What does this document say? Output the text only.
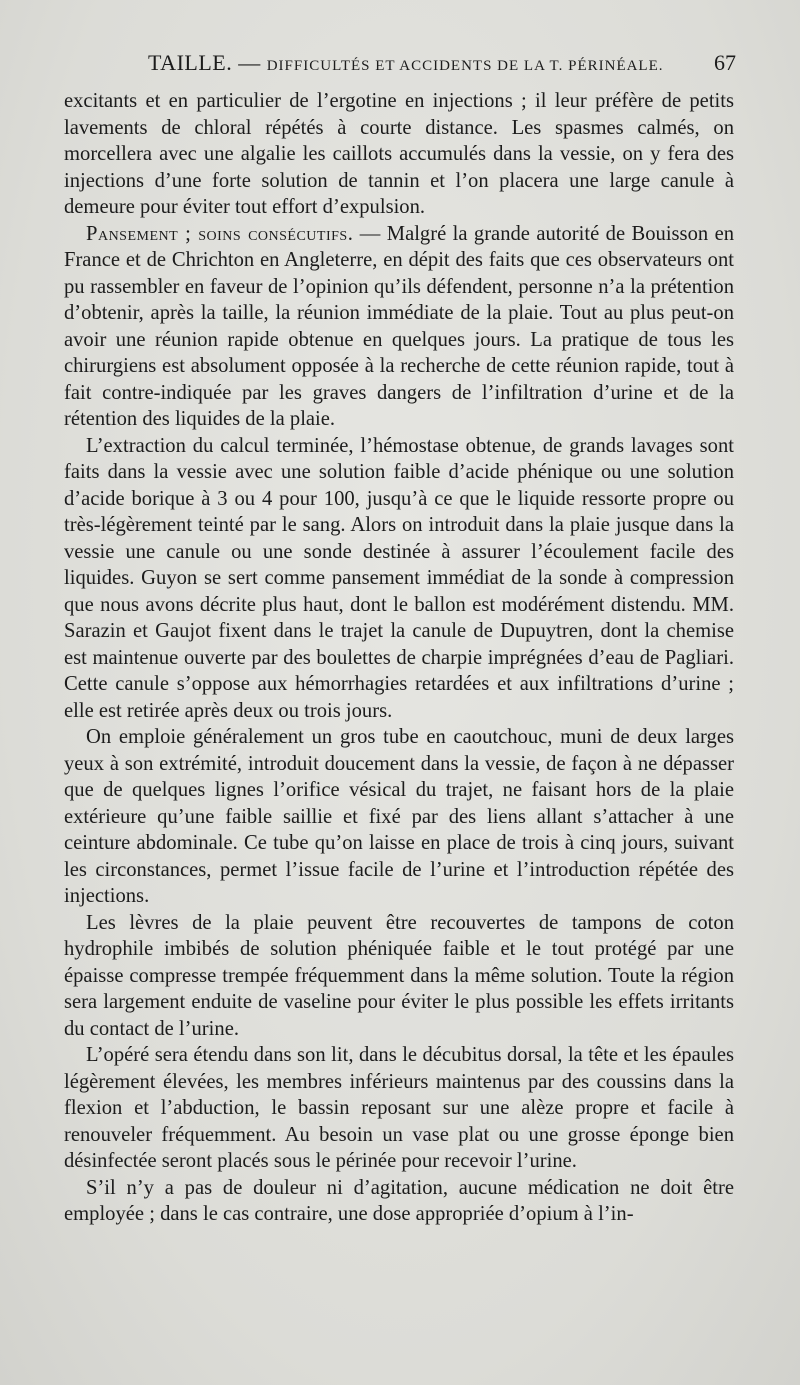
TAILLE. — DIFFICULTÉS ET ACCIDENTS DE LA T. PÉRINÉALE. 67

excitants et en particulier de l’ergotine en injections ; il leur préfère de petits lavements de chloral répétés à courte distance. Les spasmes calmés, on morcellera avec une algalie les caillots accumulés dans la vessie, on y fera des injections d’une forte solution de tannin et l’on placera une large canule à demeure pour éviter tout effort d’expulsion.

Pansement ; soins consécutifs. — Malgré la grande autorité de Bouisson en France et de Chrichton en Angleterre, en dépit des faits que ces observateurs ont pu rassembler en faveur de l’opinion qu’ils défendent, personne n’a la prétention d’obtenir, après la taille, la réunion immédiate de la plaie. Tout au plus peut-on avoir une réunion rapide obtenue en quelques jours. La pratique de tous les chirurgiens est absolument opposée à la recherche de cette réunion rapide, tout à fait contre-indiquée par les graves dangers de l’infiltration d’urine et de la rétention des liquides de la plaie.

L’extraction du calcul terminée, l’hémostase obtenue, de grands lavages sont faits dans la vessie avec une solution faible d’acide phénique ou une solution d’acide borique à 3 ou 4 pour 100, jusqu’à ce que le liquide ressorte propre ou très-légèrement teinté par le sang. Alors on introduit dans la plaie jusque dans la vessie une canule ou une sonde destinée à assurer l’écoulement facile des liquides. Guyon se sert comme pansement immédiat de la sonde à compression que nous avons décrite plus haut, dont le ballon est modérément distendu. MM. Sarazin et Gaujot fixent dans le trajet la canule de Dupuytren, dont la chemise est maintenue ouverte par des boulettes de charpie imprégnées d’eau de Pagliari. Cette canule s’oppose aux hémorrhagies retardées et aux infiltrations d’urine ; elle est retirée après deux ou trois jours.

On emploie généralement un gros tube en caoutchouc, muni de deux larges yeux à son extrémité, introduit doucement dans la vessie, de façon à ne dépasser que de quelques lignes l’orifice vésical du trajet, ne faisant hors de la plaie extérieure qu’une faible saillie et fixé par des liens allant s’attacher à une ceinture abdominale. Ce tube qu’on laisse en place de trois à cinq jours, suivant les circonstances, permet l’issue facile de l’urine et l’introduction répétée des injections.

Les lèvres de la plaie peuvent être recouvertes de tampons de coton hydrophile imbibés de solution phéniquée faible et le tout protégé par une épaisse compresse trempée fréquemment dans la même solution. Toute la région sera largement enduite de vaseline pour éviter le plus possible les effets irritants du contact de l’urine.

L’opéré sera étendu dans son lit, dans le décubitus dorsal, la tête et les épaules légèrement élevées, les membres inférieurs maintenus par des coussins dans la flexion et l’abduction, le bassin reposant sur une alèze propre et facile à renouveler fréquemment. Au besoin un vase plat ou une grosse éponge bien désinfectée seront placés sous le périnée pour recevoir l’urine.

S’il n’y a pas de douleur ni d’agitation, aucune médication ne doit être employée ; dans le cas contraire, une dose appropriée d’opium à l’in-
